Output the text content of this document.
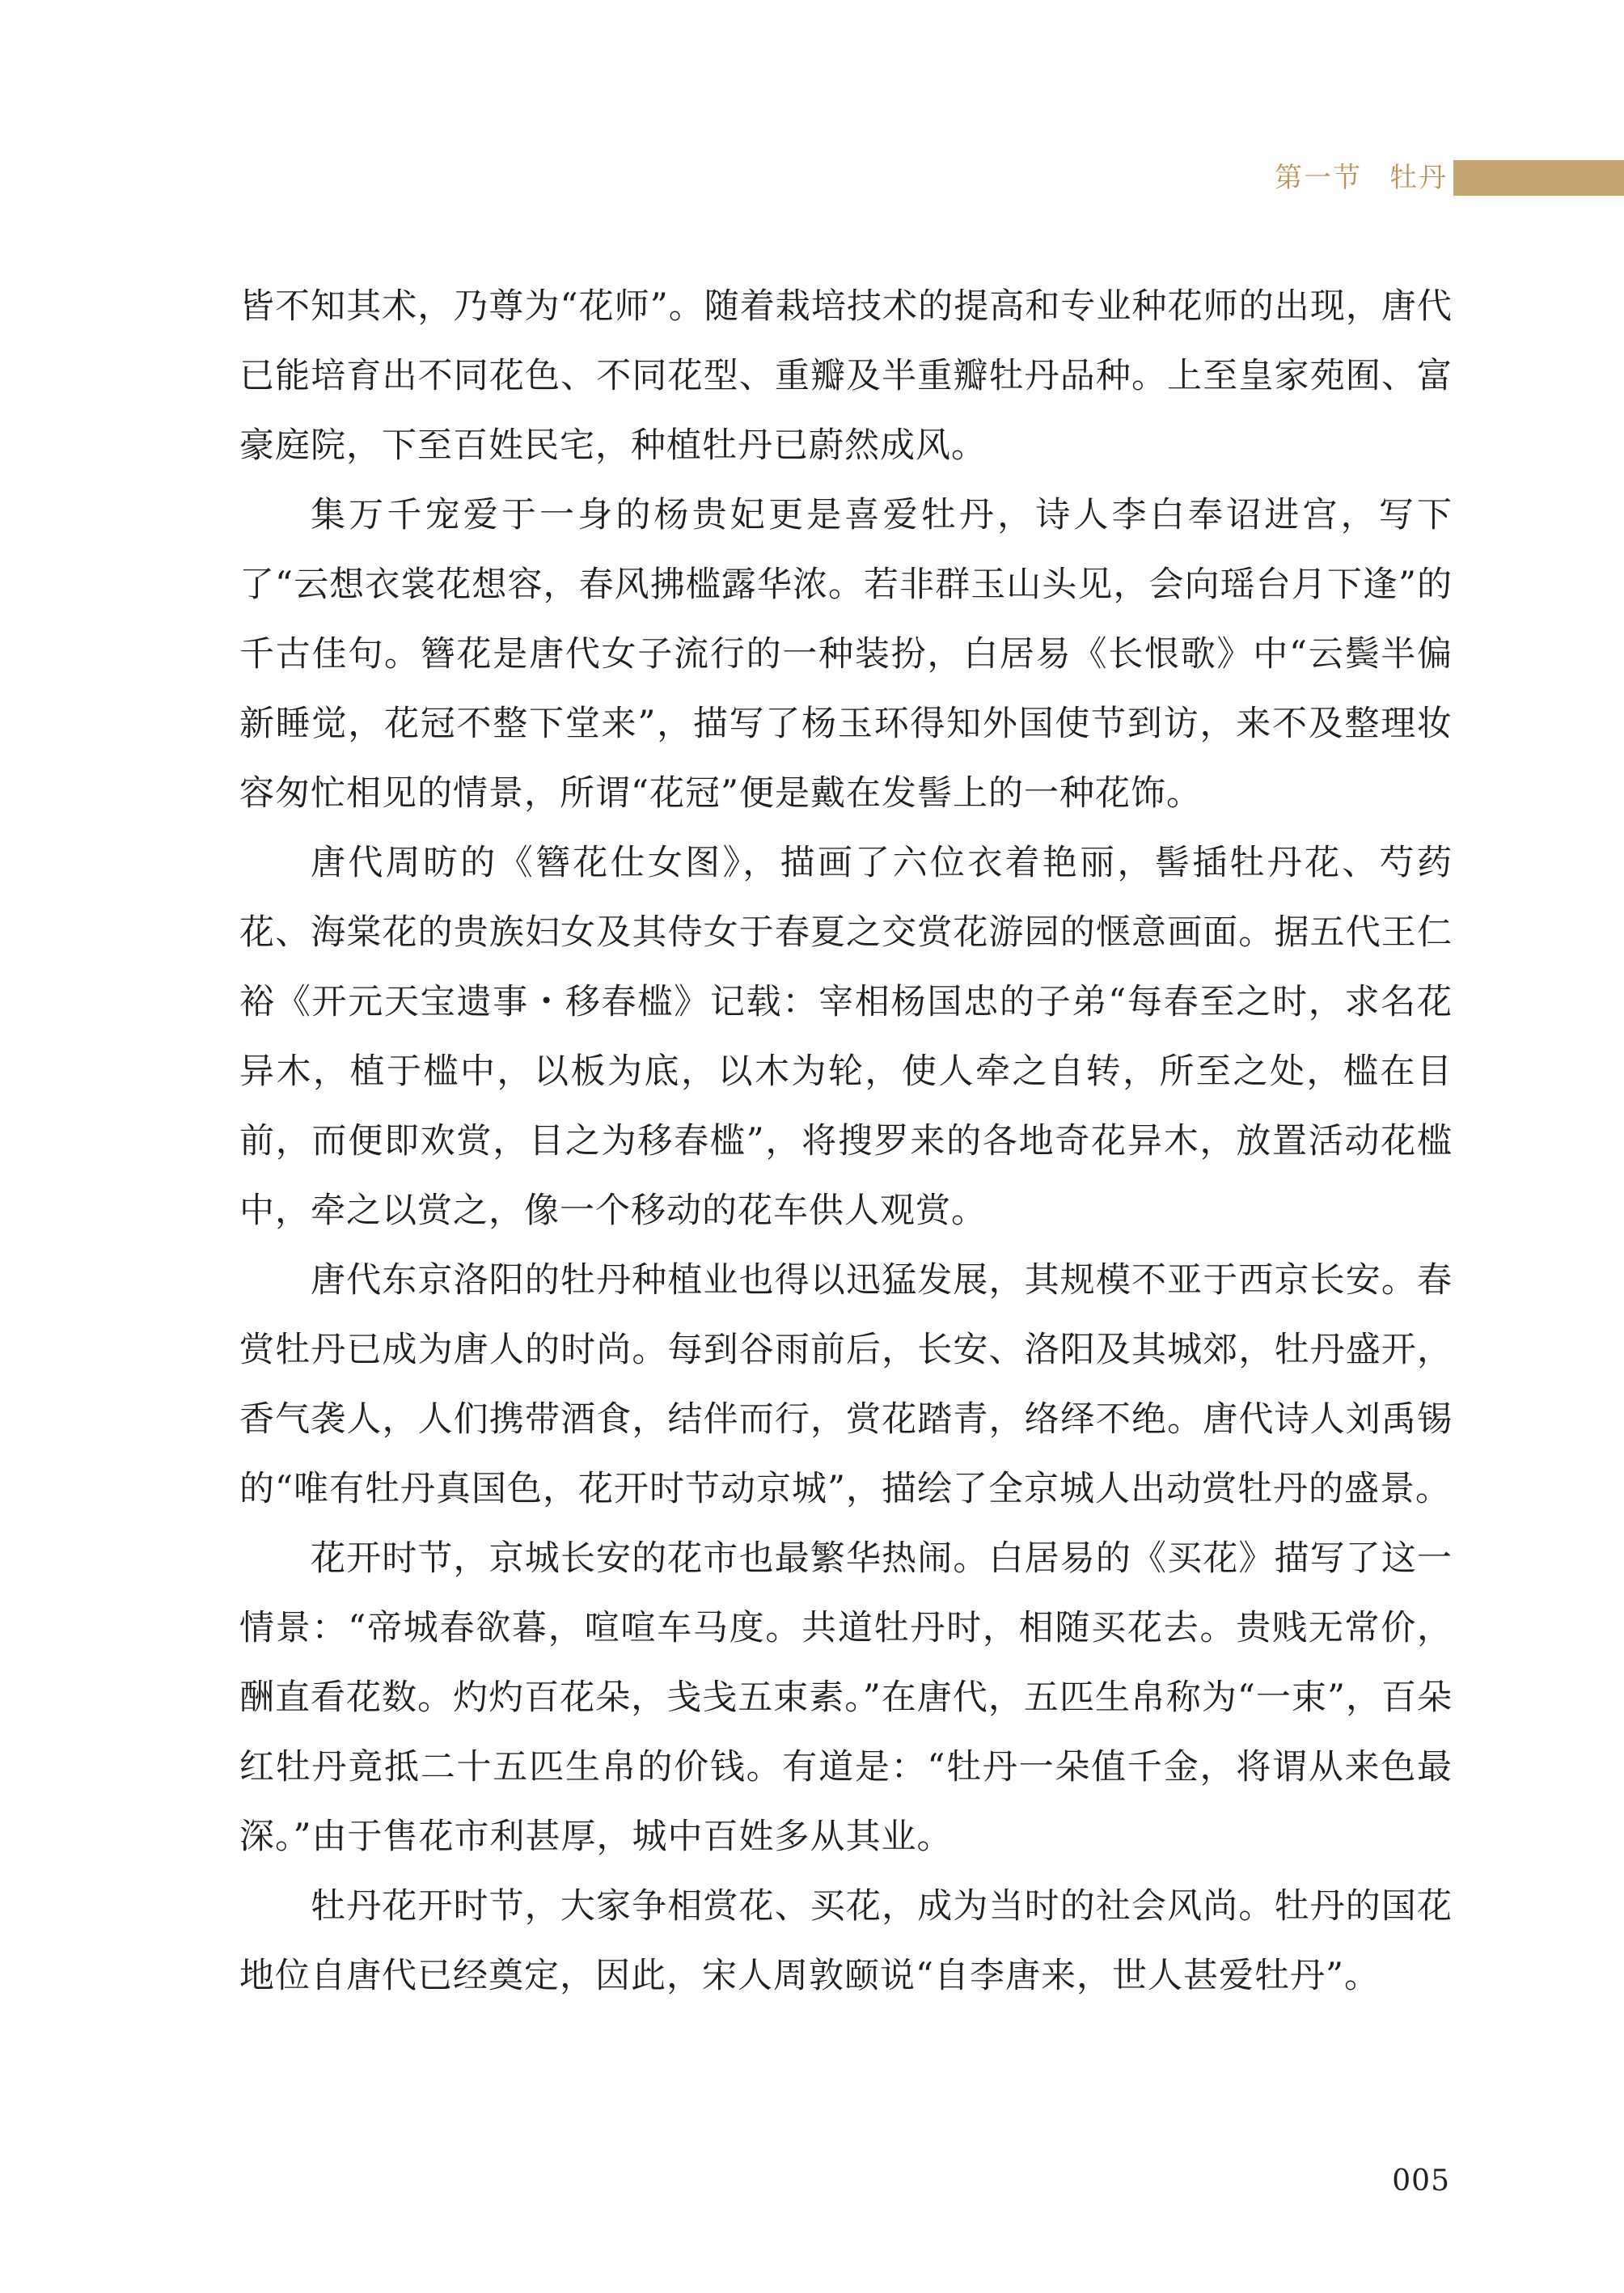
第一节 牡丹

皆不知其术，乃尊为“花师”。随着栽培技术的提高和专业种花师的出现，唐代已能培育出不同花色、不同花型、重瓣及半重瓣牡丹品种。上至皇家苑囿、富豪庭院，下至百姓民宅，种植牡丹已蔚然成风。

集万千宠爱于一身的杨贵妃更是喜爱牡丹，诗人李白奉诏进宫，写下了“云想衣裳花想容，春风拂槛露华浓。若非群玉山头见，会向瑶台月下逢”的千古佳句。簪花是唐代女子流行的一种装扮，白居易《长恨歌》中“云鬓半偏新睡觉，花冠不整下堂来”，描写了杨玉环得知外国使节到访，来不及整理妆容匆忙相见的情景，所谓“花冠”便是戴在发髻上的一种花饰。

唐代周昉的《簪花仕女图》，描画了六位衣着艳丽，髻插牡丹花、芍药花、海棠花的贵族妇女及其侍女于春夏之交赏花游园的惬意画面。据五代王仁裕《开元天宝遗事・移春槛》记载：宰相杨国忠的子弟“每春至之时，求名花异木，植于槛中，以板为底，以木为轮，使人牵之自转，所至之处，槛在目前，而便即欢赏，目之为移春槛”，将搜罗来的各地奇花异木，放置活动花槛中，牵之以赏之，像一个移动的花车供人观赏。

唐代东京洛阳的牡丹种植业也得以迅猛发展，其规模不亚于西京长安。春赏牡丹已成为唐人的时尚。每到谷雨前后，长安、洛阳及其城郊，牡丹盛开，香气袭人，人们携带酒食，结伴而行，赏花踏青，络绎不绝。唐代诗人刘禹锡的“唯有牡丹真国色，花开时节动京城”，描绘了全京城人出动赏牡丹的盛景。

花开时节，京城长安的花市也最繁华热闹。白居易的《买花》描写了这一情景：“帝城春欲暮，喧喧车马度。共道牡丹时，相随买花去。贵贱无常价，酬直看花数。灼灼百花朵，戋戋五束素。”在唐代，五匹生帛称为“一束”，百朵红牡丹竟抵二十五匹生帛的价钱。有道是：“牡丹一朵值千金，将谓从来色最深。”由于售花市利甚厚，城中百姓多从其业。

牡丹花开时节，大家争相赏花、买花，成为当时的社会风尚。牡丹的国花地位自唐代已经奠定，因此，宋人周敦颐说“自李唐来，世人甚爱牡丹”。

005
